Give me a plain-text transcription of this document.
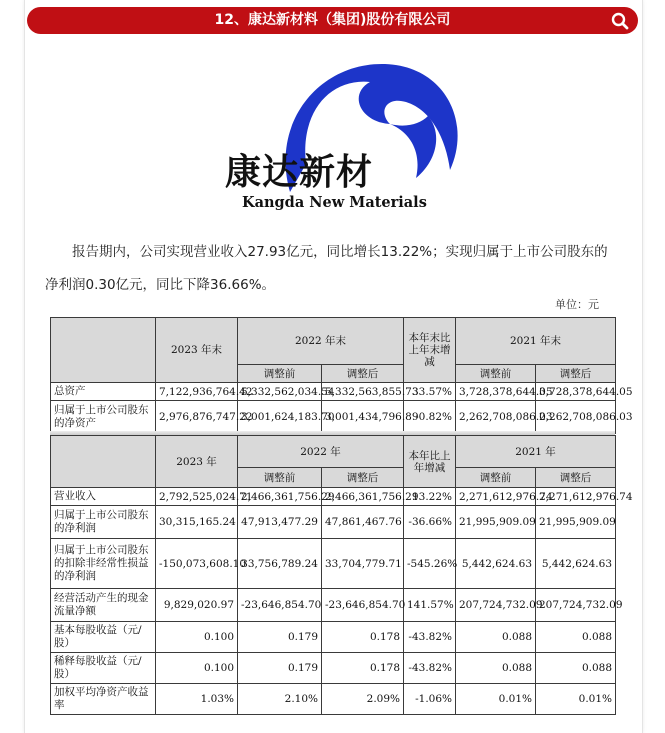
12、康达新材料（集团)股份有限公司
康达新材
Kangda New Materials
报告期内，公司实现营业收入27.93亿元，同比增长13.22%；实现归属于上市公司股东的净利润0.30亿元，同比下降36.66%。
单位：元
	2023 年末	2022 年末		本年末比上年末增减	2021 年末	
		调整前	调整后		调整前	调整后
总资产	7,122,936,764.42	5,332,562,034.54	5,332,563,855.73	33.57%	3,728,378,644.05	3,728,378,644.05
归属于上市公司股东的净资产	2,976,876,747.22	3,001,624,183.70	3,001,434,796.89	-0.82%	2,262,708,086.03	2,262,708,086.03
	2023 年	2022 年		本年比上年增减	2021 年	
		调整前	调整后		调整前	调整后
营业收入	2,792,525,024.71	2,466,361,756.29	2,466,361,756.29	13.22%	2,271,612,976.74	2,271,612,976.74
归属于上市公司股东的净利润	30,315,165.24	47,913,477.29	47,861,467.76	-36.66%	21,995,909.09	21,995,909.09
归属于上市公司股东的扣除非经常性损益的净利润	-150,073,608.10	33,756,789.24	33,704,779.71	-545.26%	5,442,624.63	5,442,624.63
经营活动产生的现金流量净额	9,829,020.97	-23,646,854.70	-23,646,854.70	141.57%	207,724,732.09	207,724,732.09
基本每股收益（元/股）	0.100	0.179	0.178	-43.82%	0.088	0.088
稀释每股收益（元/股）	0.100	0.179	0.178	-43.82%	0.088	0.088
加权平均净资产收益率	1.03%	2.10%	2.09%	-1.06%	0.01%	0.01%
